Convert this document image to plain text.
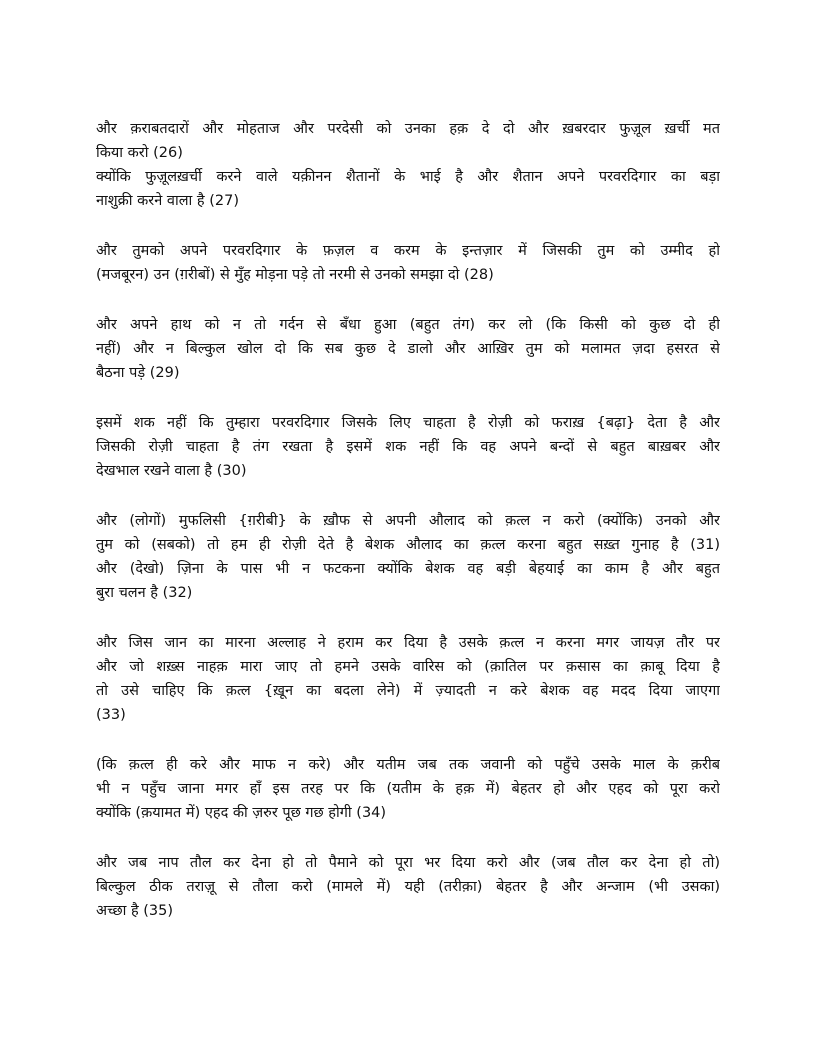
और क़राबतदारों और मोहताज और परदेसी को उनका हक़ दे दो और ख़बरदार फुज़ूल ख़र्ची मत
किया करो (26)
क्योंकि फुज़ूलख़र्ची करने वाले यक़ीनन शैतानों के भाई है और शैतान अपने परवरदिगार का बड़ा
नाशुक्री करने वाला है (27)
और तुमको अपने परवरदिगार के फ़ज़ल व करम के इन्तज़ार में जिसकी तुम को उम्मीद हो
(मजबूरन) उन (ग़रीबों) से मुँह मोड़ना पड़े तो नरमी से उनको समझा दो (28)
और अपने हाथ को न तो गर्दन से बँधा हुआ (बहुत तंग) कर लो (कि किसी को कुछ दो ही
नहीं) और न बिल्कुल खोल दो कि सब कुछ दे डालो और आख़िर तुम को मलामत ज़दा हसरत से
बैठना पड़े (29)
इसमें शक नहीं कि तुम्हारा परवरदिगार जिसके लिए चाहता है रोज़ी को फराख़ {बढ़ा} देता है और
जिसकी रोज़ी चाहता है तंग रखता है इसमें शक नहीं कि वह अपने बन्दों से बहुत बाख़बर और
देखभाल रखने वाला है (30)
और (लोगों) मुफलिसी {ग़रीबी} के ख़ौफ से अपनी औलाद को क़त्ल न करो (क्योंकि) उनको और
तुम को (सबको) तो हम ही रोज़ी देते है बेशक औलाद का क़त्ल करना बहुत सख़्त गुनाह है (31)
और (देखो) ज़िना के पास भी न फटकना क्योंकि बेशक वह बड़ी बेहयाई का काम है और बहुत
बुरा चलन है (32)
और जिस जान का मारना अल्लाह ने हराम कर दिया है उसके क़त्ल न करना मगर जायज़ तौर पर
और जो शख़्स नाहक़ मारा जाए तो हमने उसके वारिस को (क़ातिल पर क़सास का क़ाबू दिया है
तो उसे चाहिए कि क़त्ल {ख़ून का बदला लेने) में ज़्यादती न करे बेशक वह मदद दिया जाएगा
(33)
(कि क़त्ल ही करे और माफ न करे) और यतीम जब तक जवानी को पहुँचे उसके माल के क़रीब
भी न पहुँच जाना मगर हाँ इस तरह पर कि (यतीम के हक़ में) बेहतर हो और एहद को पूरा करो
क्योंकि (क़यामत में) एहद की ज़रुर पूछ गछ होगी (34)
और जब नाप तौल कर देना हो तो पैमाने को पूरा भर दिया करो और (जब तौल कर देना हो तो)
बिल्कुल ठीक तराज़ू से तौला करो (मामले में) यही (तरीक़ा) बेहतर है और अन्जाम (भी उसका)
अच्छा है (35)
